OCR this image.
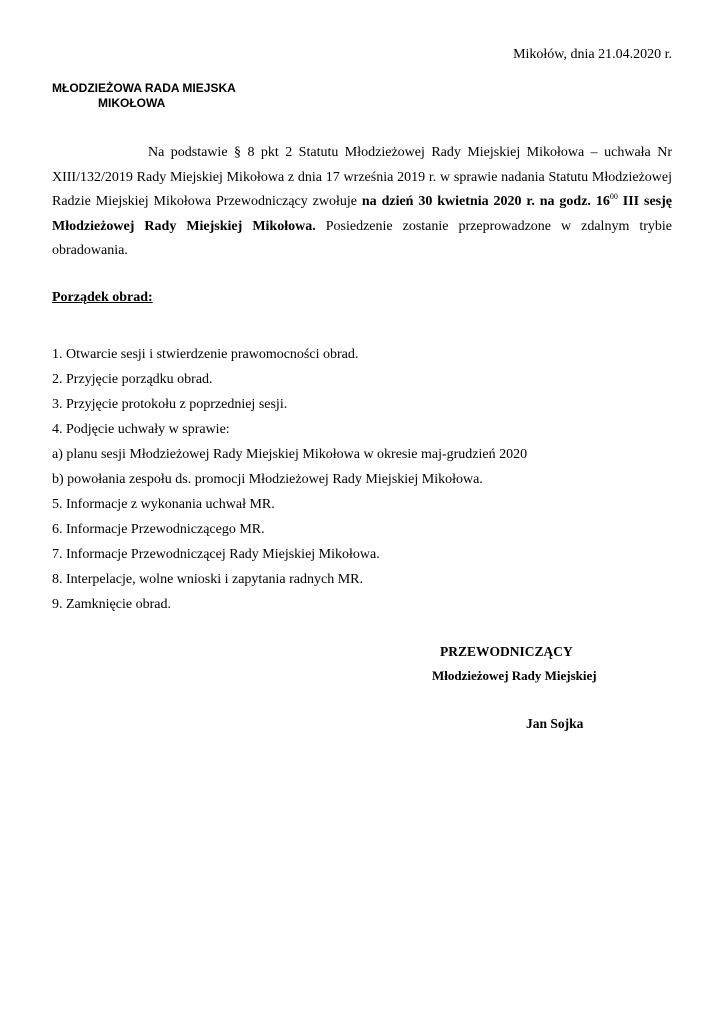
Mikołów, dnia 21.04.2020 r.
MŁODZIEŻOWA RADA MIEJSKA
MIKOŁOWA
Na podstawie § 8 pkt 2 Statutu Młodzieżowej Rady Miejskiej Mikołowa – uchwała Nr XIII/132/2019 Rady Miejskiej Mikołowa z dnia 17 września 2019 r. w sprawie nadania Statutu Młodzieżowej Radzie Miejskiej Mikołowa Przewodniczący zwołuje na dzień 30 kwietnia 2020 r. na godz. $16^{00}$ III sesję Młodzieżowej Rady Miejskiej Mikołowa. Posiedzenie zostanie przeprowadzone w zdalnym trybie obradowania.
Porządek obrad:
1. Otwarcie sesji i stwierdzenie prawomocności obrad.
2. Przyjęcie porządku obrad.
3. Przyjęcie protokołu z poprzedniej sesji.
4. Podjęcie uchwały w sprawie:
a) planu sesji Młodzieżowej Rady Miejskiej Mikołowa w okresie maj-grudzień 2020
b) powołania zespołu ds. promocji Młodzieżowej Rady Miejskiej Mikołowa.
5. Informacje z wykonania uchwał MR.
6. Informacje Przewodniczącego MR.
7. Informacje Przewodniczącej Rady Miejskiej Mikołowa.
8. Interpelacje, wolne wnioski i zapytania radnych MR.
9. Zamknięcie obrad.
PRZEWODNICZĄCY
Młodzieżowej Rady Miejskiej
Jan Sojka
